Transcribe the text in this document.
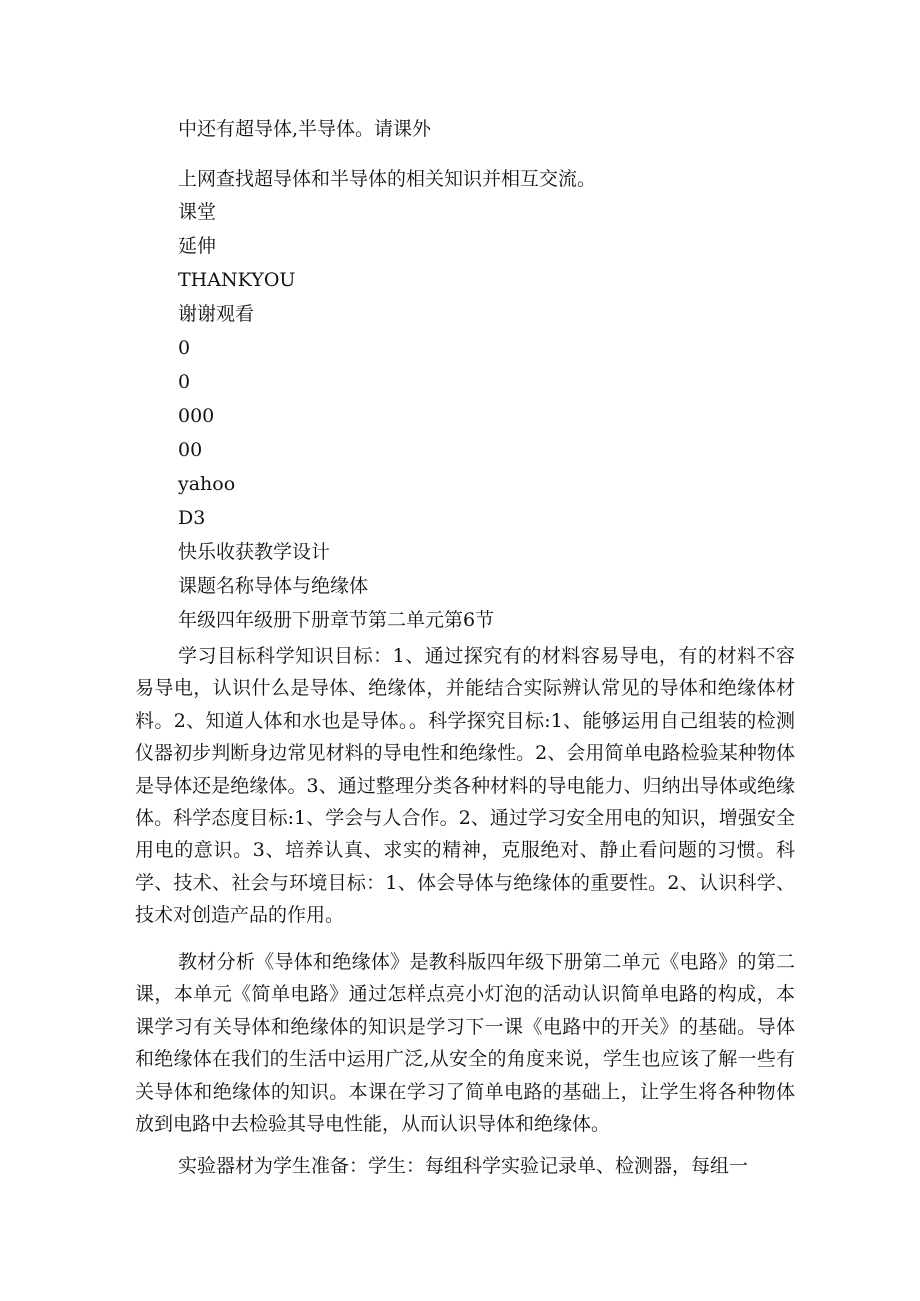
中还有超导体,半导体。请课外
上网查找超导体和半导体的相关知识并相互交流。
课堂
延伸
THANKYOU
谢谢观看
0
0
000
00
yahoo
D3
快乐收获教学设计
课题名称导体与绝缘体
年级四年级册下册章节第二单元第6节

学习目标科学知识目标：1、通过探究有的材料容易导电，有的材料不容易导电，认识什么是导体、绝缘体，并能结合实际辨认常见的导体和绝缘体材料。2、知道人体和水也是导体。。科学探究目标:1、能够运用自己组装的检测仪器初步判断身边常见材料的导电性和绝缘性。2、会用简单电路检验某种物体是导体还是绝缘体。3、通过整理分类各种材料的导电能力、归纳出导体或绝缘体。科学态度目标:1、学会与人合作。2、通过学习安全用电的知识，增强安全用电的意识。3、培养认真、求实的精神，克服绝对、静止看问题的习惯。科学、技术、社会与环境目标：1、体会导体与绝缘体的重要性。2、认识科学、技术对创造产品的作用。

教材分析《导体和绝缘体》是教科版四年级下册第二单元《电路》的第二课，本单元《简单电路》通过怎样点亮小灯泡的活动认识简单电路的构成，本课学习有关导体和绝缘体的知识是学习下一课《电路中的开关》的基础。导体和绝缘体在我们的生活中运用广泛,从安全的角度来说，学生也应该了解一些有关导体和绝缘体的知识。本课在学习了简单电路的基础上，让学生将各种物体放到电路中去检验其导电性能，从而认识导体和绝缘体。

实验器材为学生准备：学生：每组科学实验记录单、检测器，每组一
